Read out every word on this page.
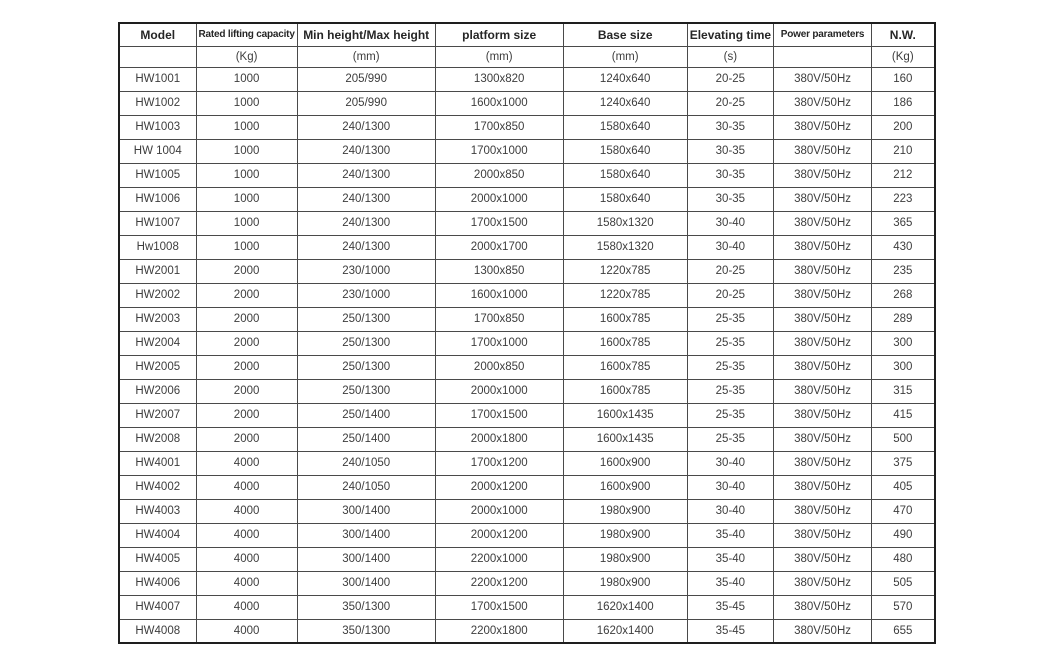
Model	Rated lifting capacity	Min height/Max height	platform size	Base size	Elevating time	Power parameters	N.W.
	(Kg)	(mm)	(mm)	(mm)	(s)		(Kg)
HW1001	1000	205/990	1300x820	1240x640	20-25	380V/50Hz	160
HW1002	1000	205/990	1600x1000	1240x640	20-25	380V/50Hz	186
HW1003	1000	240/1300	1700x850	1580x640	30-35	380V/50Hz	200
HW 1004	1000	240/1300	1700x1000	1580x640	30-35	380V/50Hz	210
HW1005	1000	240/1300	2000x850	1580x640	30-35	380V/50Hz	212
HW1006	1000	240/1300	2000x1000	1580x640	30-35	380V/50Hz	223
HW1007	1000	240/1300	1700x1500	1580x1320	30-40	380V/50Hz	365
Hw1008	1000	240/1300	2000x1700	1580x1320	30-40	380V/50Hz	430
HW2001	2000	230/1000	1300x850	1220x785	20-25	380V/50Hz	235
HW2002	2000	230/1000	1600x1000	1220x785	20-25	380V/50Hz	268
HW2003	2000	250/1300	1700x850	1600x785	25-35	380V/50Hz	289
HW2004	2000	250/1300	1700x1000	1600x785	25-35	380V/50Hz	300
HW2005	2000	250/1300	2000x850	1600x785	25-35	380V/50Hz	300
HW2006	2000	250/1300	2000x1000	1600x785	25-35	380V/50Hz	315
HW2007	2000	250/1400	1700x1500	1600x1435	25-35	380V/50Hz	415
HW2008	2000	250/1400	2000x1800	1600x1435	25-35	380V/50Hz	500
HW4001	4000	240/1050	1700x1200	1600x900	30-40	380V/50Hz	375
HW4002	4000	240/1050	2000x1200	1600x900	30-40	380V/50Hz	405
HW4003	4000	300/1400	2000x1000	1980x900	30-40	380V/50Hz	470
HW4004	4000	300/1400	2000x1200	1980x900	35-40	380V/50Hz	490
HW4005	4000	300/1400	2200x1000	1980x900	35-40	380V/50Hz	480
HW4006	4000	300/1400	2200x1200	1980x900	35-40	380V/50Hz	505
HW4007	4000	350/1300	1700x1500	1620x1400	35-45	380V/50Hz	570
HW4008	4000	350/1300	2200x1800	1620x1400	35-45	380V/50Hz	655
